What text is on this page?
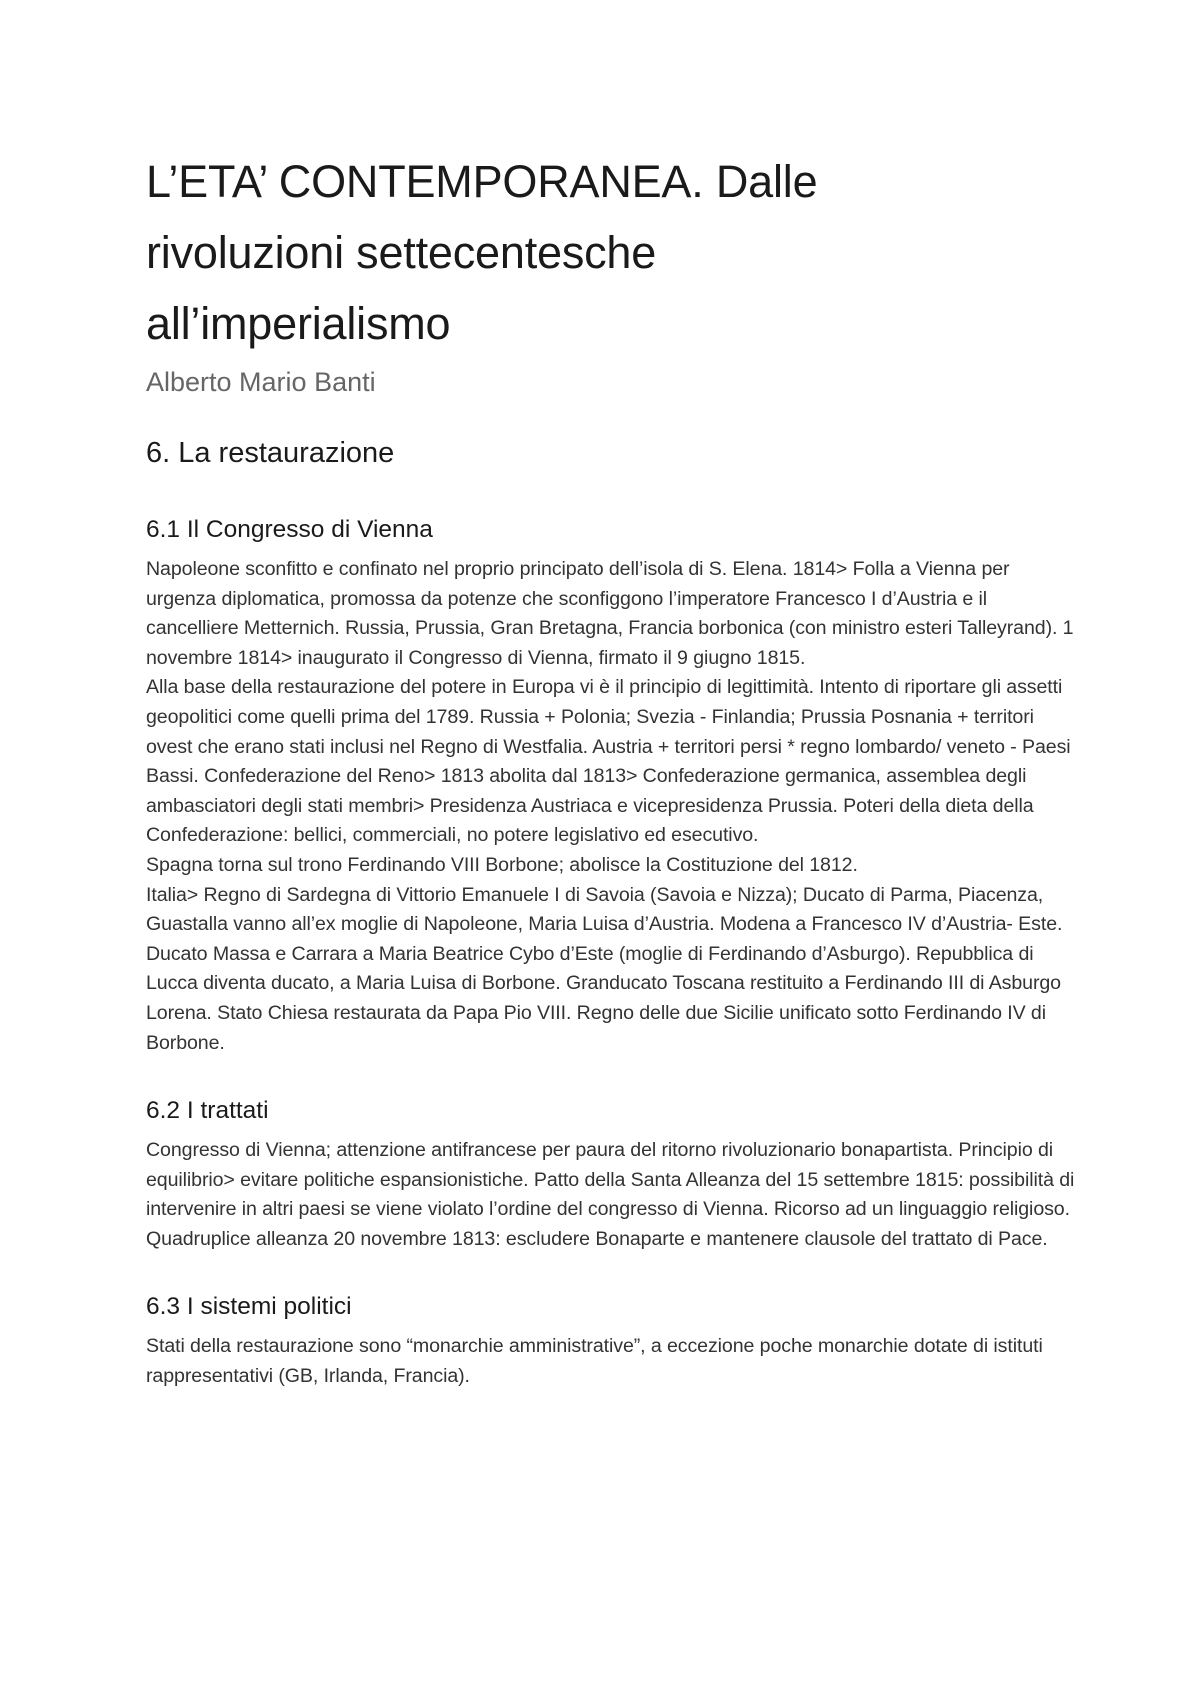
L’ETA’ CONTEMPORANEA. Dalle
rivoluzioni settecentesche
all’imperialismo
Alberto Mario Banti
6. La restaurazione
6.1 Il Congresso di Vienna

Napoleone sconfitto e confinato nel proprio principato dell’isola di S. Elena. 1814> Folla a Vienna per urgenza diplomatica, promossa da potenze che sconfiggono l’imperatore Francesco I d’Austria e il cancelliere Metternich. Russia, Prussia, Gran Bretagna, Francia borbonica (con ministro esteri Talleyrand). 1 novembre 1814> inaugurato il Congresso di Vienna, firmato il 9 giugno 1815.

Alla base della restaurazione del potere in Europa vi è il principio di legittimità. Intento di riportare gli assetti geopolitici come quelli prima del 1789. Russia + Polonia; Svezia - Finlandia; Prussia Posnania + territori ovest che erano stati inclusi nel Regno di Westfalia. Austria + territori persi * regno lombardo/ veneto - Paesi Bassi. Confederazione del Reno> 1813 abolita dal 1813> Confederazione germanica, assemblea degli ambasciatori degli stati membri> Presidenza Austriaca e vicepresidenza Prussia. Poteri della dieta della Confederazione: bellici, commerciali, no potere legislativo ed esecutivo.

Spagna torna sul trono Ferdinando VIII Borbone; abolisce la Costituzione del 1812.

Italia> Regno di Sardegna di Vittorio Emanuele I di Savoia (Savoia e Nizza); Ducato di Parma, Piacenza, Guastalla vanno all’ex moglie di Napoleone, Maria Luisa d’Austria. Modena a Francesco IV d’Austria- Este. Ducato Massa e Carrara a Maria Beatrice Cybo d’Este (moglie di Ferdinando d’Asburgo). Repubblica di Lucca diventa ducato, a Maria Luisa di Borbone. Granducato Toscana restituito a Ferdinando III di Asburgo Lorena. Stato Chiesa restaurata da Papa Pio VIII. Regno delle due Sicilie unificato sotto Ferdinando IV di Borbone.

6.2 I trattati

Congresso di Vienna; attenzione antifrancese per paura del ritorno rivoluzionario bonapartista. Principio di equilibrio> evitare politiche espansionistiche. Patto della Santa Alleanza del 15 settembre 1815: possibilità di intervenire in altri paesi se viene violato l’ordine del congresso di Vienna. Ricorso ad un linguaggio religioso. Quadruplice alleanza 20 novembre 1813: escludere Bonaparte e mantenere clausole del trattato di Pace.

6.3 I sistemi politici

Stati della restaurazione sono “monarchie amministrative”, a eccezione poche monarchie dotate di istituti rappresentativi (GB, Irlanda, Francia).
